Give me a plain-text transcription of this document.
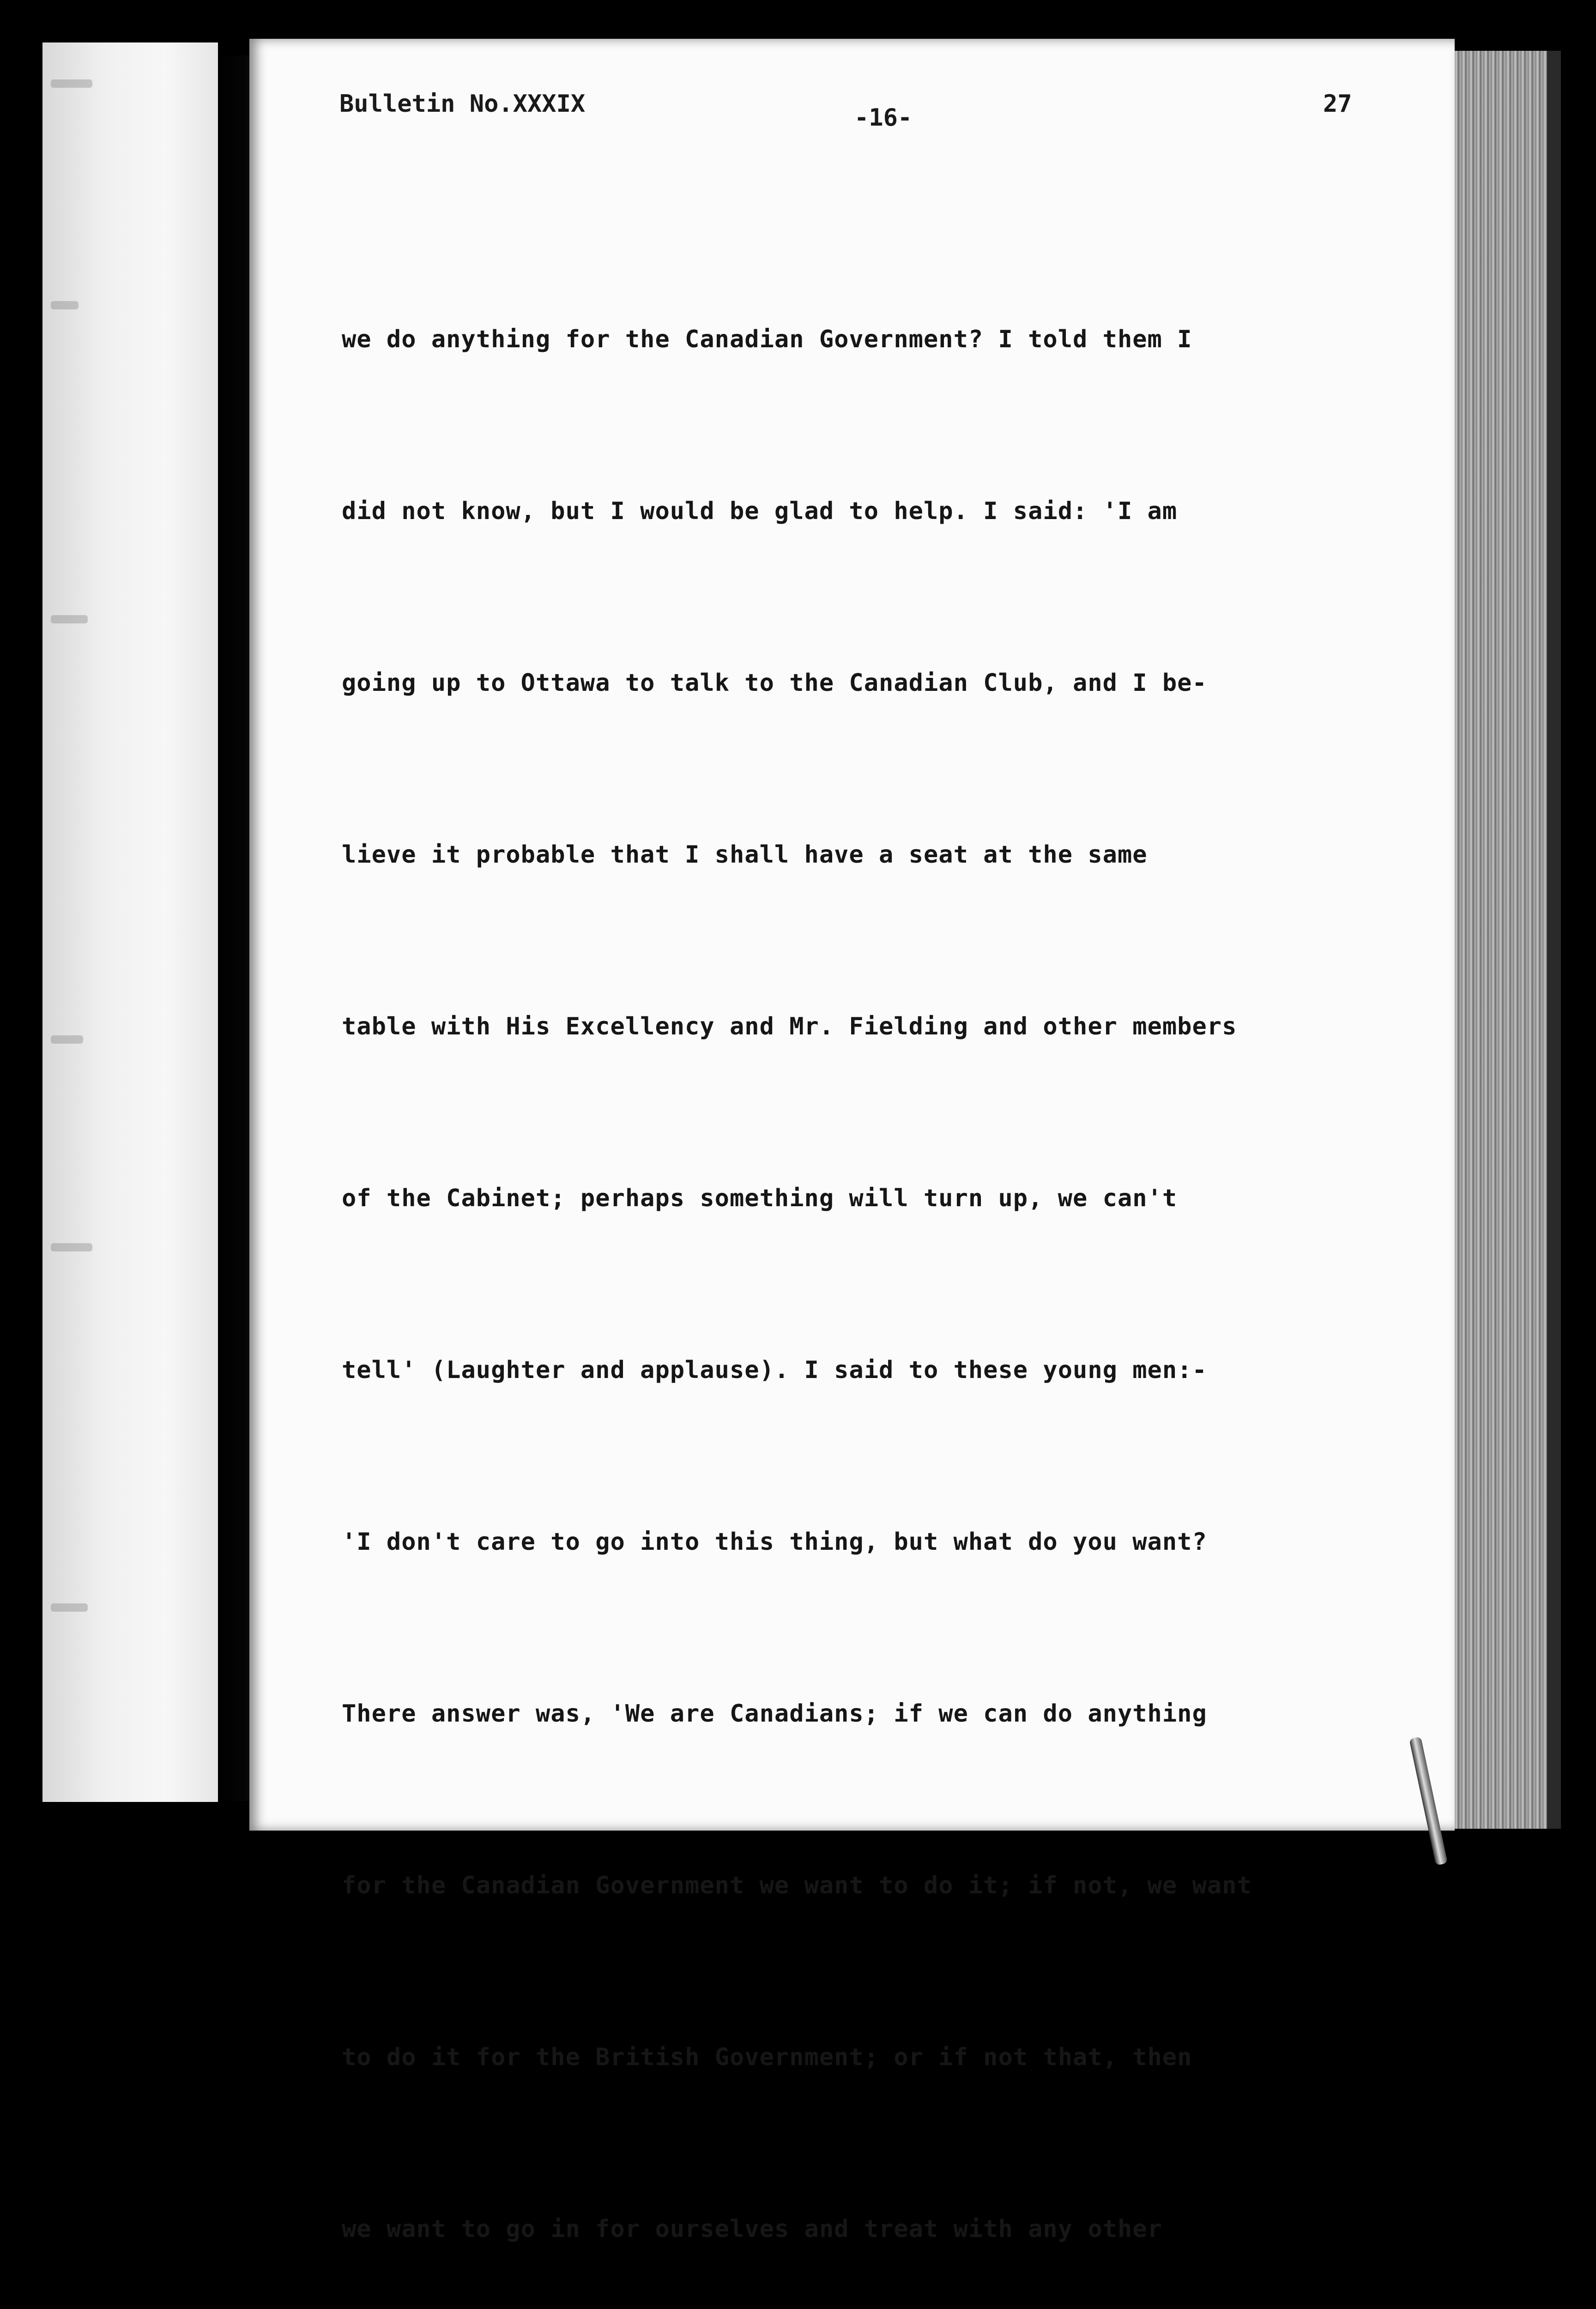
Bulletin No.XXXIX	-16-	27

we do anything for the Canadian Government? I told them I

did not know, but I would be glad to help. I said: 'I am

going up to Ottawa to talk to the Canadian Club, and I be-

lieve it probable that I shall have a seat at the same

table with His Excellency and Mr. Fielding and other members

of the Cabinet; perhaps something will turn up, we can't

tell' (Laughter and applause). I said to these young men:-

'I don't care to go into this thing, but what do you want?

There answer was, 'We are Canadians; if we can do anything

for the Canadian Government we want to do it; if not, we want

to do it for the British Government; or if not that, then

we want to go in for ourselves and treat with any other
